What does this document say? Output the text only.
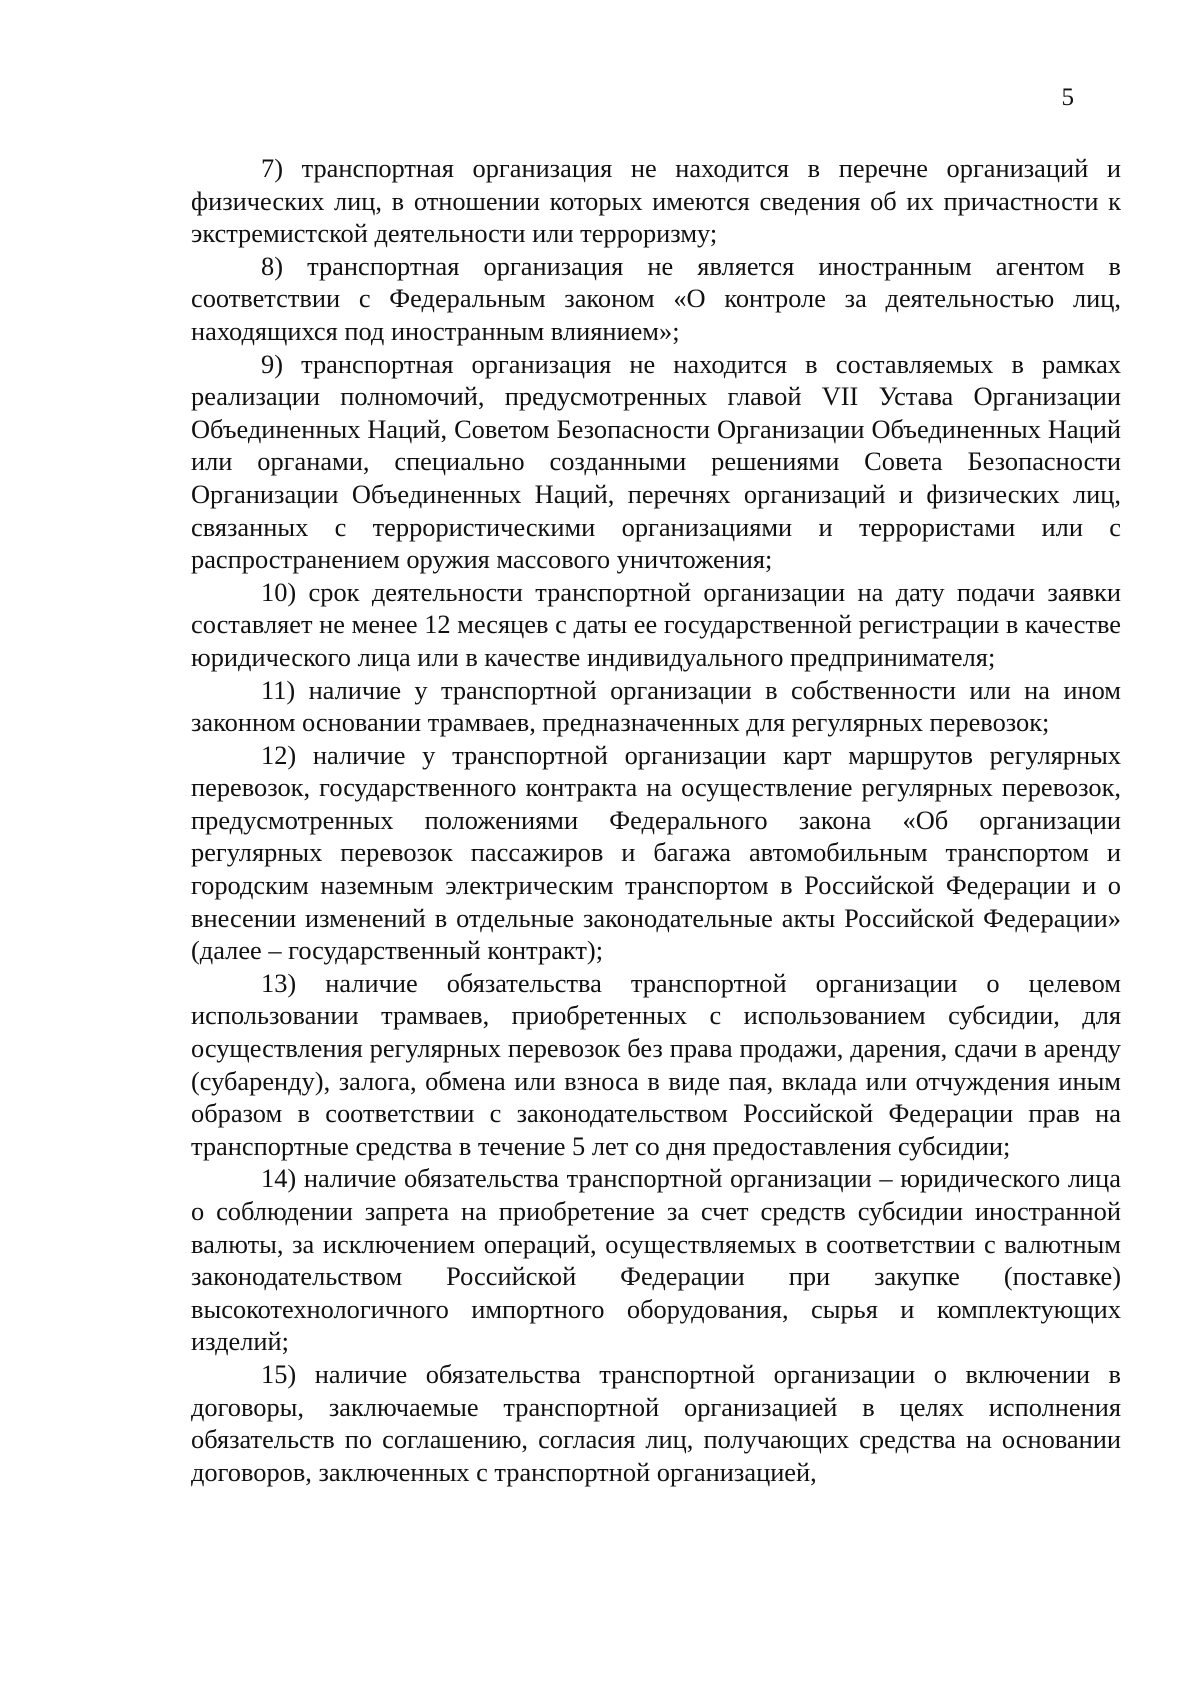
5

7) транспортная организация не находится в перечне организаций и физических лиц, в отношении которых имеются сведения об их причастности к экстремистской деятельности или терроризму;

8) транспортная организация не является иностранным агентом в соответствии с Федеральным законом «О контроле за деятельностью лиц, находящихся под иностранным влиянием»;

9) транспортная организация не находится в составляемых в рамках реализации полномочий, предусмотренных главой VII Устава Организации Объединенных Наций, Советом Безопасности Организации Объединенных Наций или органами, специально созданными решениями Совета Безопасности Организации Объединенных Наций, перечнях организаций и физических лиц, связанных с террористическими организациями и террористами или с распространением оружия массового уничтожения;

10) срок деятельности транспортной организации на дату подачи заявки составляет не менее 12 месяцев с даты ее государственной регистрации в качестве юридического лица или в качестве индивидуального предпринимателя;

11) наличие у транспортной организации в собственности или на ином законном основании трамваев, предназначенных для регулярных перевозок;

12) наличие у транспортной организации карт маршрутов регулярных перевозок, государственного контракта на осуществление регулярных перевозок, предусмотренных положениями Федерального закона «Об организации регулярных перевозок пассажиров и багажа автомобильным транспортом и городским наземным электрическим транспортом в Российской Федерации и о внесении изменений в отдельные законодательные акты Российской Федерации» (далее – государственный контракт);

13) наличие обязательства транспортной организации о целевом использовании трамваев, приобретенных с использованием субсидии, для осуществления регулярных перевозок без права продажи, дарения, сдачи в аренду (субаренду), залога, обмена или взноса в виде пая, вклада или отчуждения иным образом в соответствии с законодательством Российской Федерации прав на транспортные средства в течение 5 лет со дня предоставления субсидии;

14) наличие обязательства транспортной организации – юридического лица о соблюдении запрета на приобретение за счет средств субсидии иностранной валюты, за исключением операций, осуществляемых в соответствии с валютным законодательством Российской Федерации при закупке (поставке) высокотехнологичного импортного оборудования, сырья и комплектующих изделий;

15) наличие обязательства транспортной организации о включении в договоры, заключаемые транспортной организацией в целях исполнения обязательств по соглашению, согласия лиц, получающих средства на основании договоров, заключенных с транспортной организацией,
